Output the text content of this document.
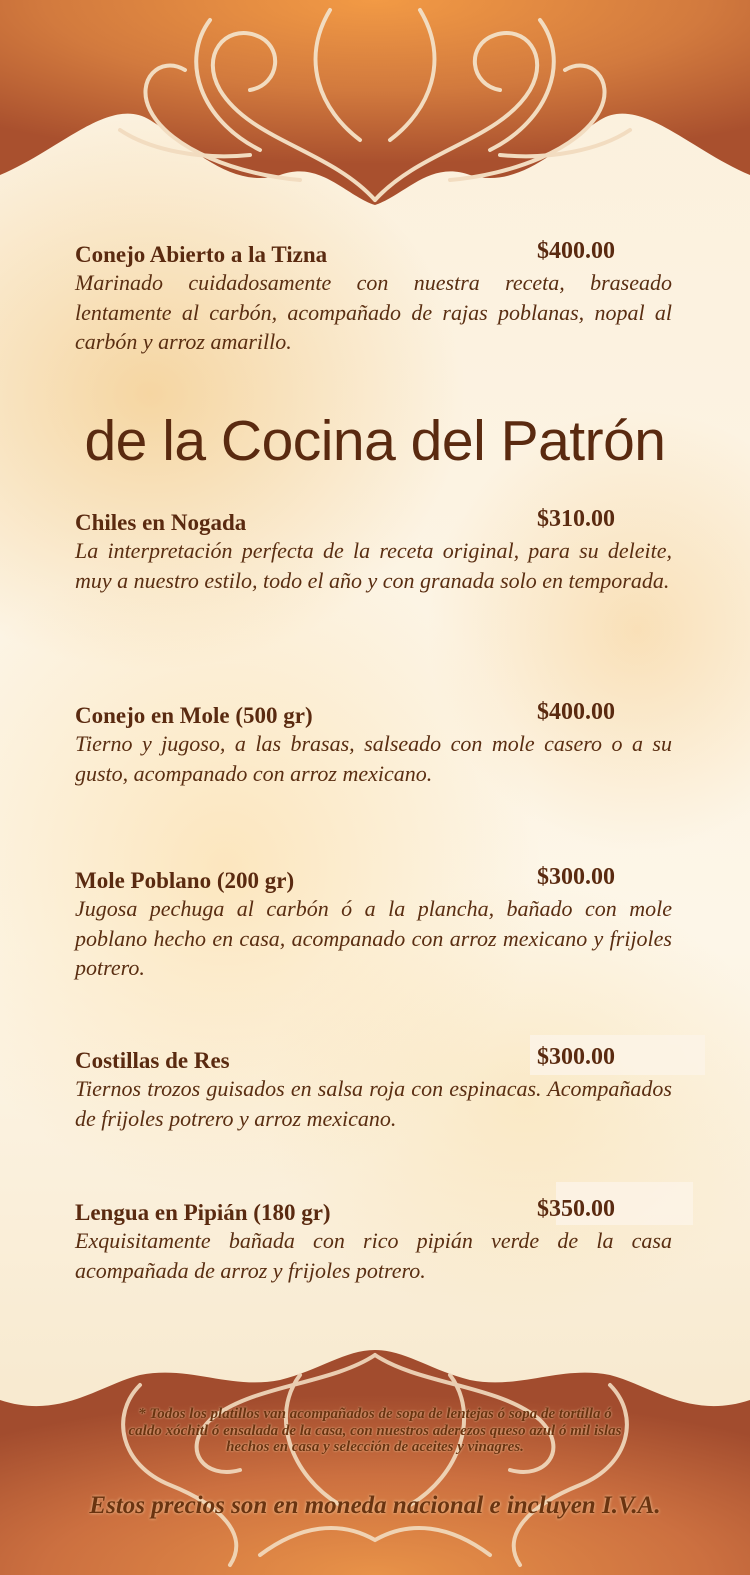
Conejo Abierto a la Tizna	$400.00
Marinado cuidadosamente con nuestra receta, braseado lentamente al carbón, acompañado de rajas poblanas, nopal al carbón y arroz amarillo.
de la Cocina del Patrón
Chiles en Nogada	$310.00
La interpretación perfecta de la receta original, para su deleite, muy a nuestro estilo, todo el año y con granada solo en temporada.
Conejo en Mole (500 gr)	$400.00
Tierno y jugoso, a las brasas, salseado con mole casero o a su gusto, acompanado con arroz mexicano.
Mole Poblano (200 gr)	$300.00
Jugosa pechuga al carbón ó a la plancha, bañado con mole poblano hecho en casa, acompanado con arroz mexicano y frijoles potrero.
Costillas de Res	$300.00
Tiernos trozos guisados en salsa roja con espinacas. Acompañados de frijoles potrero y arroz mexicano.
Lengua en Pipián (180 gr)	$350.00
Exquisitamente bañada con rico pipián verde de la casa acompañada de arroz y frijoles potrero.
* Todos los platillos van acompañados de sopa de lentejas ó sopa de tortilla ó caldo xóchitl ó ensalada de la casa, con nuestros aderezos queso azul ó mil islas hechos en casa y selección de aceites y vinagres.
Estos precios son en moneda nacional e incluyen I.V.A.
